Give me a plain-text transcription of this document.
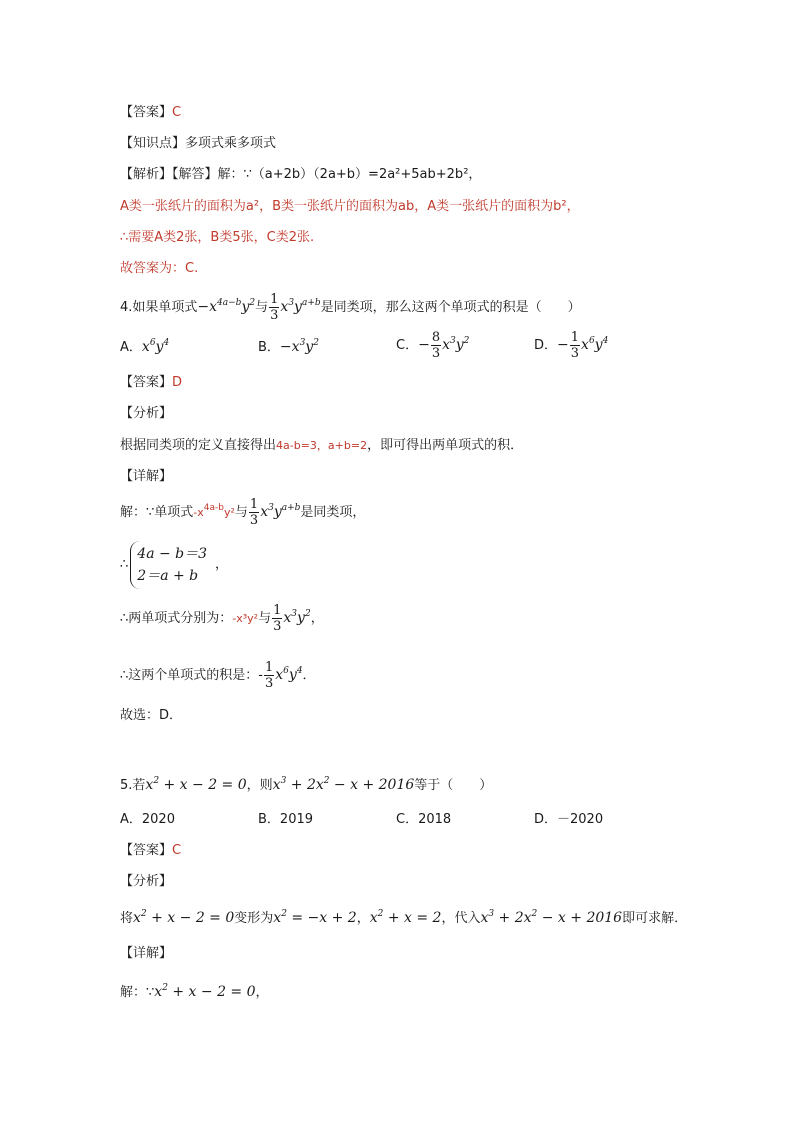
【答案】C
【知识点】多项式乘多项式
【解析】【解答】解：∵（a+2b）（2a+b）=2a²+5ab+2b²，
A类一张纸片的面积为a²，B类一张纸片的面积为ab，A类一张纸片的面积为b²，
∴需要A类2张，B类5张，C类2张.
故答案为：C.
4.如果单项式$-x^{4a-b}y^2$与 $\frac{1}{3} x^3y^{a+b}$是同类项，那么这两个单项式的积是（　　）
A．$x^6y^4$	B．$-x^3y^2$	C．− $\frac{8}{3} x^3y^2$	D．− $\frac{1}{3} x^6y^4$
【答案】D
【分析】
根据同类项的定义直接得出4a-b=3，a+b=2，即可得出两单项式的积．
【详解】
解：∵单项式$-x^{4a-b}y^2$与 $\frac{1}{3} x^3y^{a+b}$是同类项，
∴
4a − b＝3
2＝a + b
，
∴两单项式分别为：-x³y²与 $\frac{1}{3} x^3y^2$，
∴这两个单项式的积是：- $\frac{1}{3} x^6y^4$．
故选：D．
5.若$x^2 + x - 2 = 0$，则$x^3 + 2x^2 - x + 2016$等于（　　）
A．2020	B．2019	C．2018	D．－2020
【答案】C
【分析】
将$x^2 + x - 2 = 0$变形为$x^2 = -x + 2$，$x^2 + x = 2$，代入$x^3 + 2x^2 - x + 2016$即可求解．
【详解】
解：$\because x^2 + x - 2 = 0$，
